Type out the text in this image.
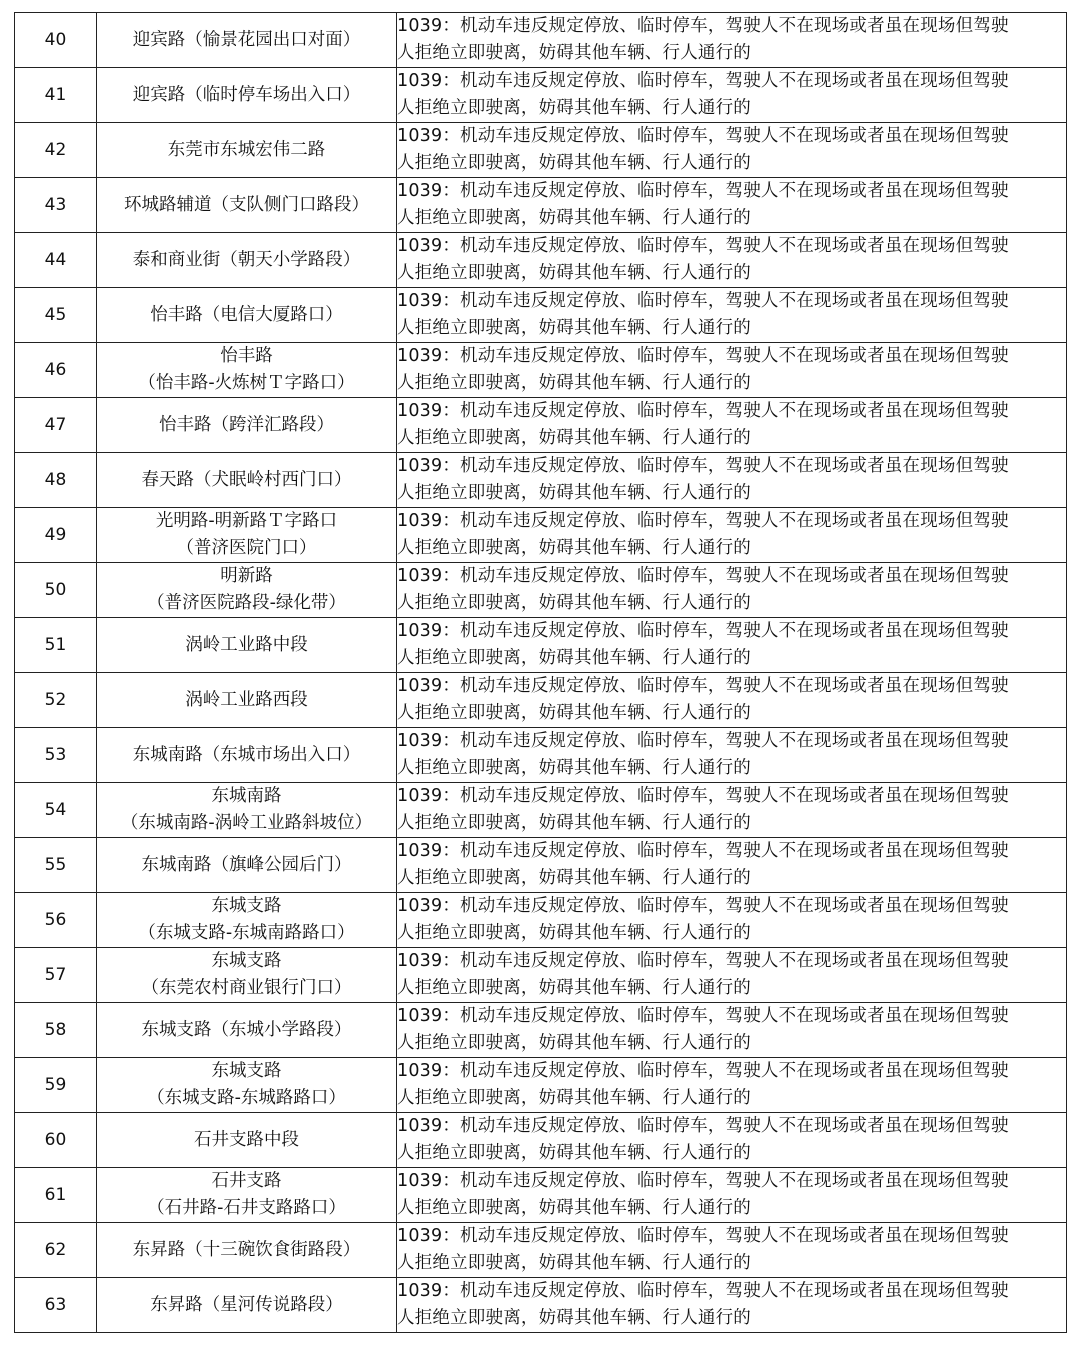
40	迎宾路（愉景花园出口对面）	1039：机动车违反规定停放、临时停车，驾驶人不在现场或者虽在现场但驾驶
人拒绝立即驶离，妨碍其他车辆、行人通行的

41	迎宾路（临时停车场出入口）	1039：机动车违反规定停放、临时停车，驾驶人不在现场或者虽在现场但驾驶
人拒绝立即驶离，妨碍其他车辆、行人通行的

42	东莞市东城宏伟二路	1039：机动车违反规定停放、临时停车，驾驶人不在现场或者虽在现场但驾驶
人拒绝立即驶离，妨碍其他车辆、行人通行的

43	环城路辅道（支队侧门口路段）	1039：机动车违反规定停放、临时停车，驾驶人不在现场或者虽在现场但驾驶
人拒绝立即驶离，妨碍其他车辆、行人通行的

44	泰和商业街（朝天小学路段）	1039：机动车违反规定停放、临时停车，驾驶人不在现场或者虽在现场但驾驶
人拒绝立即驶离，妨碍其他车辆、行人通行的

45	怡丰路（电信大厦路口）	1039：机动车违反规定停放、临时停车，驾驶人不在现场或者虽在现场但驾驶
人拒绝立即驶离，妨碍其他车辆、行人通行的

46	怡丰路
（怡丰路-火炼树Ｔ字路口）	1039：机动车违反规定停放、临时停车，驾驶人不在现场或者虽在现场但驾驶
人拒绝立即驶离，妨碍其他车辆、行人通行的

47	怡丰路（跨洋汇路段）	1039：机动车违反规定停放、临时停车，驾驶人不在现场或者虽在现场但驾驶
人拒绝立即驶离，妨碍其他车辆、行人通行的

48	春天路（犬眠岭村西门口）	1039：机动车违反规定停放、临时停车，驾驶人不在现场或者虽在现场但驾驶
人拒绝立即驶离，妨碍其他车辆、行人通行的

49	光明路-明新路Ｔ字路口
（普济医院门口）	1039：机动车违反规定停放、临时停车，驾驶人不在现场或者虽在现场但驾驶
人拒绝立即驶离，妨碍其他车辆、行人通行的

50	明新路
（普济医院路段-绿化带）	1039：机动车违反规定停放、临时停车，驾驶人不在现场或者虽在现场但驾驶
人拒绝立即驶离，妨碍其他车辆、行人通行的

51	涡岭工业路中段	1039：机动车违反规定停放、临时停车，驾驶人不在现场或者虽在现场但驾驶
人拒绝立即驶离，妨碍其他车辆、行人通行的

52	涡岭工业路西段	1039：机动车违反规定停放、临时停车，驾驶人不在现场或者虽在现场但驾驶
人拒绝立即驶离，妨碍其他车辆、行人通行的

53	东城南路（东城市场出入口）	1039：机动车违反规定停放、临时停车，驾驶人不在现场或者虽在现场但驾驶
人拒绝立即驶离，妨碍其他车辆、行人通行的

54	东城南路
（东城南路-涡岭工业路斜坡位）	1039：机动车违反规定停放、临时停车，驾驶人不在现场或者虽在现场但驾驶
人拒绝立即驶离，妨碍其他车辆、行人通行的

55	东城南路（旗峰公园后门）	1039：机动车违反规定停放、临时停车，驾驶人不在现场或者虽在现场但驾驶
人拒绝立即驶离，妨碍其他车辆、行人通行的

56	东城支路
（东城支路-东城南路路口）	1039：机动车违反规定停放、临时停车，驾驶人不在现场或者虽在现场但驾驶
人拒绝立即驶离，妨碍其他车辆、行人通行的

57	东城支路
（东莞农村商业银行门口）	1039：机动车违反规定停放、临时停车，驾驶人不在现场或者虽在现场但驾驶
人拒绝立即驶离，妨碍其他车辆、行人通行的

58	东城支路（东城小学路段）	1039：机动车违反规定停放、临时停车，驾驶人不在现场或者虽在现场但驾驶
人拒绝立即驶离，妨碍其他车辆、行人通行的

59	东城支路
（东城支路-东城路路口）	1039：机动车违反规定停放、临时停车，驾驶人不在现场或者虽在现场但驾驶
人拒绝立即驶离，妨碍其他车辆、行人通行的

60	石井支路中段	1039：机动车违反规定停放、临时停车，驾驶人不在现场或者虽在现场但驾驶
人拒绝立即驶离，妨碍其他车辆、行人通行的

61	石井支路
（石井路-石井支路路口）	1039：机动车违反规定停放、临时停车，驾驶人不在现场或者虽在现场但驾驶
人拒绝立即驶离，妨碍其他车辆、行人通行的

62	东昇路（十三碗饮食街路段）	1039：机动车违反规定停放、临时停车，驾驶人不在现场或者虽在现场但驾驶
人拒绝立即驶离，妨碍其他车辆、行人通行的

63	东昇路（星河传说路段）	1039：机动车违反规定停放、临时停车，驾驶人不在现场或者虽在现场但驾驶
人拒绝立即驶离，妨碍其他车辆、行人通行的
